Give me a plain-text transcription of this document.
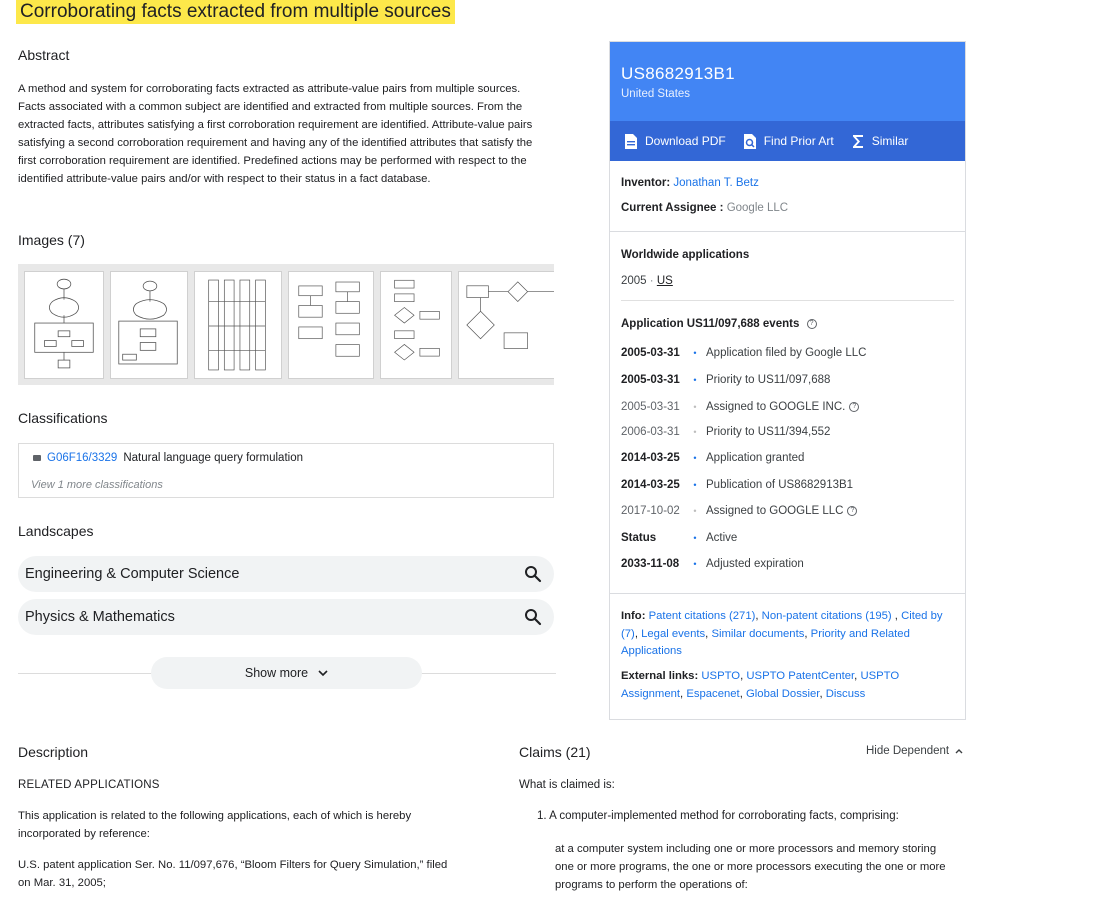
Corroborating facts extracted from multiple sources
Abstract
A method and system for corroborating facts extracted as attribute-value pairs from multiple sources. Facts associated with a common subject are identified and extracted from multiple sources. From the extracted facts, attributes satisfying a first corroboration requirement are identified. Attribute-value pairs satisfying a second corroboration requirement and having any of the identified attributes that satisfy the first corroboration requirement are identified. Predefined actions may be performed with respect to the identified attribute-value pairs and/or with respect to their status in a fact database.
Images (7)
Classifications
G06F16/3329 Natural language query formulation
View 1 more classifications
Landscapes
Engineering & Computer Science
Physics & Mathematics
Show more
US8682913B1
United States
Download PDF	Find Prior Art	Similar
Inventor: Jonathan T. Betz
Current Assignee : Google LLC
Worldwide applications
2005 · US
Application US11/097,688 events ?
2005-03-31	• Application filed by Google LLC
2005-03-31	• Priority to US11/097,688
2005-03-31	• Assigned to GOOGLE INC.	?
2006-03-31	• Priority to US11/394,552
2014-03-25	• Application granted
2014-03-25	• Publication of US8682913B1
2017-10-02	• Assigned to GOOGLE LLC	?
Status	• Active
2033-11-08	• Adjusted expiration
Info: Patent citations (271), Non-patent citations (195) , Cited by (7), Legal events, Similar documents, Priority and Related Applications
External links: USPTO, USPTO PatentCenter, USPTO Assignment, Espacenet, Global Dossier, Discuss
Description
RELATED APPLICATIONS
This application is related to the following applications, each of which is hereby incorporated by reference:
U.S. patent application Ser. No. 11/097,676, “Bloom Filters for Query Simulation,” filed on Mar. 31, 2005;
Claims (21)	Hide Dependent
What is claimed is:
1. A computer-implemented method for corroborating facts, comprising:
at a computer system including one or more processors and memory storing one or more programs, the one or more processors executing the one or more programs to perform the operations of:
